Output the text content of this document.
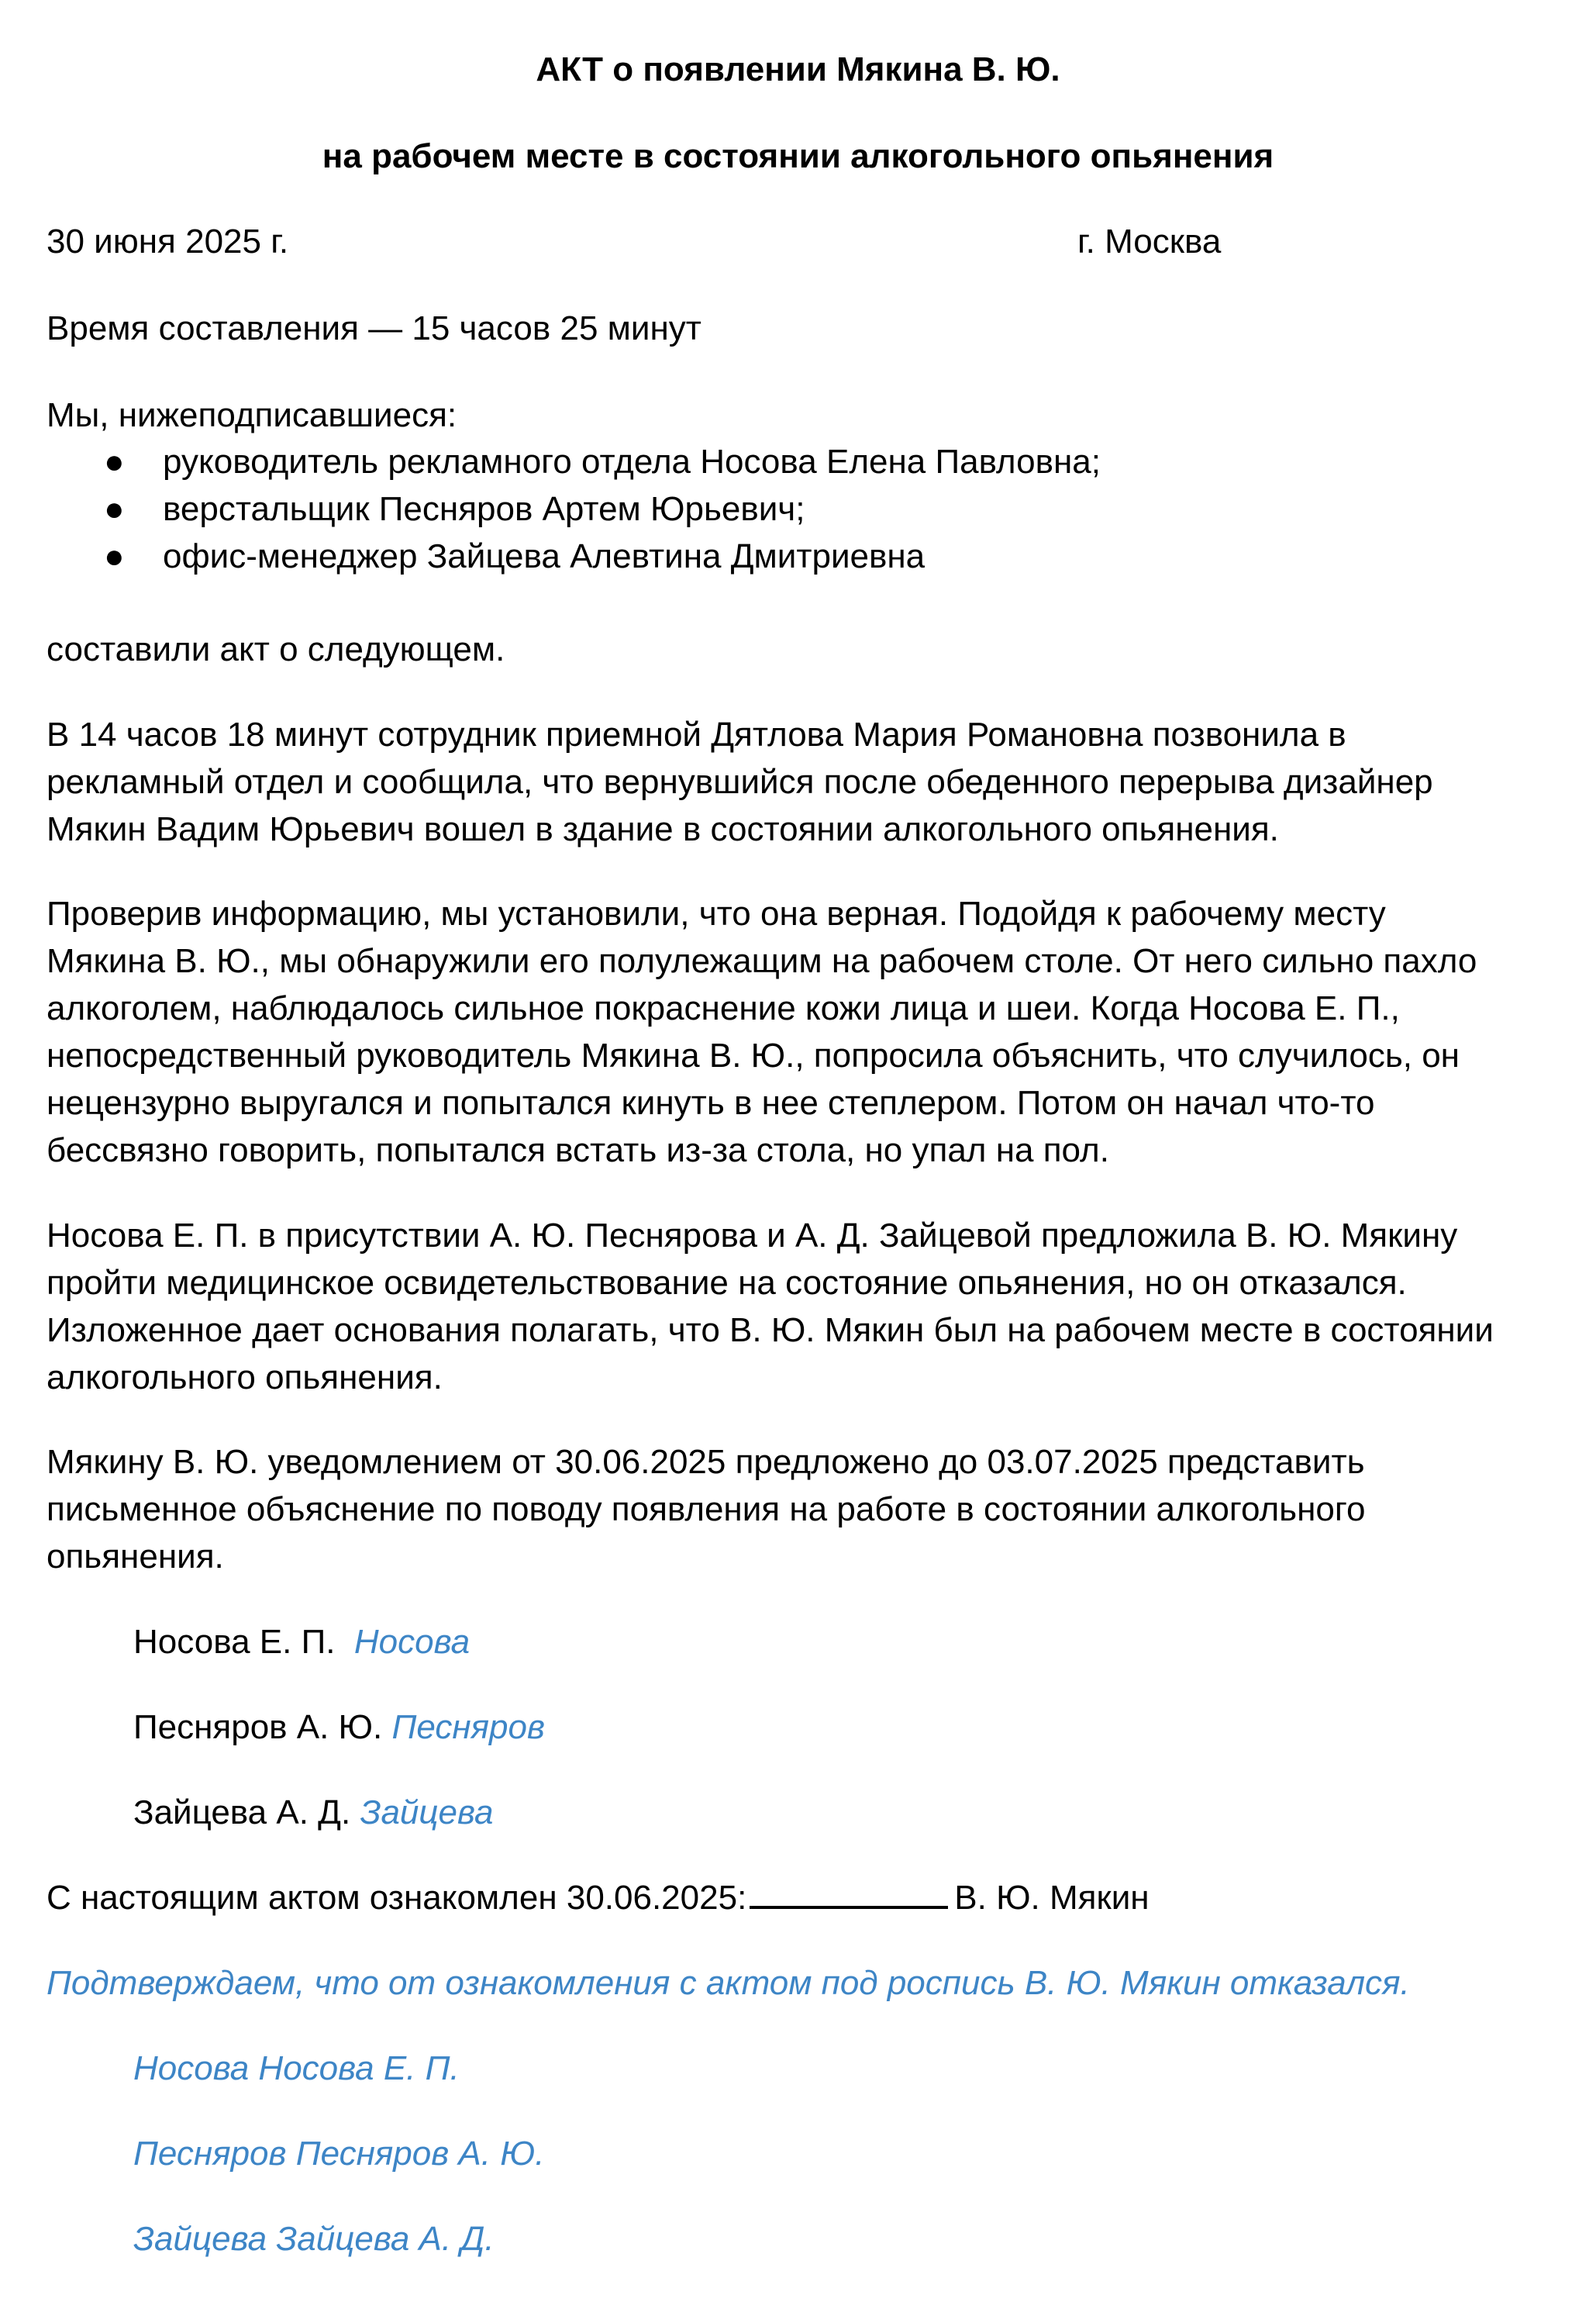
АКТ о появлении Мякина В. Ю.
на рабочем месте в состоянии алкогольного опьянения
30 июня 2025 г.	г. Москва
Время составления — 15 часов 25 минут
Мы, нижеподписавшиеся:
● руководитель рекламного отдела Носова Елена Павловна;
● верстальщик Песняров Артем Юрьевич;
● офис-менеджер Зайцева Алевтина Дмитриевна
составили акт о следующем.
В 14 часов 18 минут сотрудник приемной Дятлова Мария Романовна позвонила в
рекламный отдел и сообщила, что вернувшийся после обеденного перерыва дизайнер
Мякин Вадим Юрьевич вошел в здание в состоянии алкогольного опьянения.
Проверив информацию, мы установили, что она верная. Подойдя к рабочему месту
Мякина В. Ю., мы обнаружили его полулежащим на рабочем столе. От него сильно пахло
алкоголем, наблюдалось сильное покраснение кожи лица и шеи. Когда Носова Е. П.,
непосредственный руководитель Мякина В. Ю., попросила объяснить, что случилось, он
нецензурно выругался и попытался кинуть в нее степлером. Потом он начал что-то
бессвязно говорить, попытался встать из-за стола, но упал на пол.
Носова Е. П. в присутствии А. Ю. Песнярова и А. Д. Зайцевой предложила В. Ю. Мякину
пройти медицинское освидетельствование на состояние опьянения, но он отказался.
Изложенное дает основания полагать, что В. Ю. Мякин был на рабочем месте в состоянии
алкогольного опьянения.
Мякину В. Ю. уведомлением от 30.06.2025 предложено до 03.07.2025 представить
письменное объяснение по поводу появления на работе в состоянии алкогольного
опьянения.
Носова Е. П. Носова
Песняров А. Ю. Песняров
Зайцева А. Д. Зайцева
С настоящим актом ознакомлен 30.06.2025:	В. Ю. Мякин
Подтверждаем, что от ознакомления с актом под роспись В. Ю. Мякин отказался.
Носова Носова Е. П.
Песняров Песняров А. Ю.
Зайцева Зайцева А. Д.
